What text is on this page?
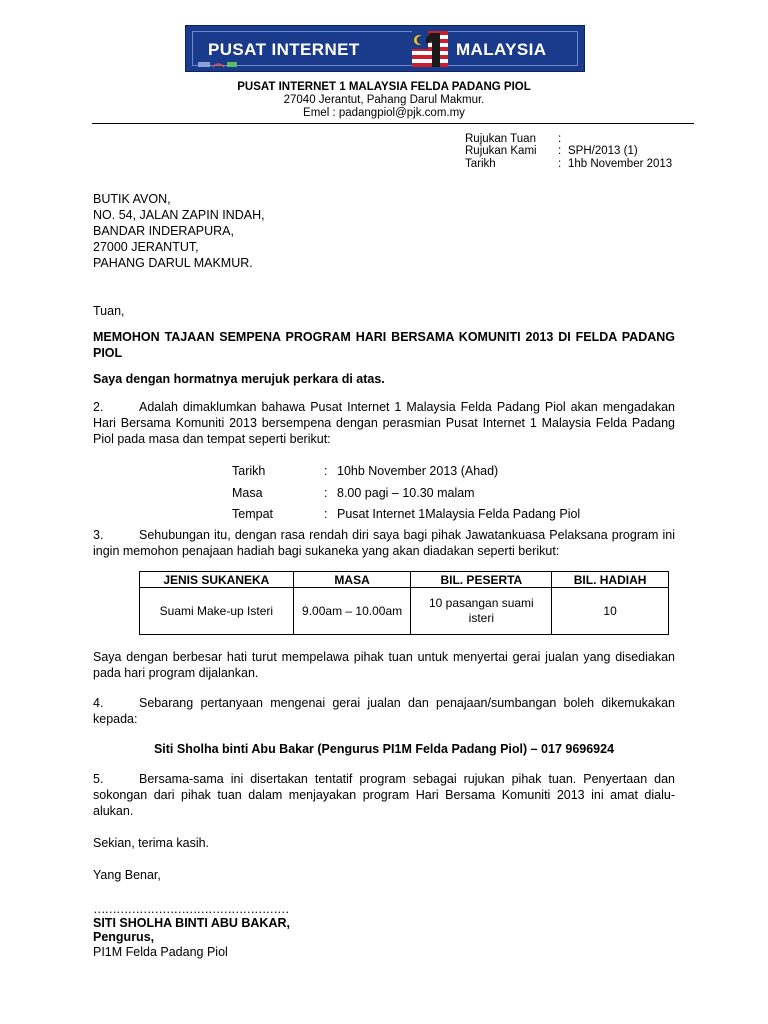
PUSAT INTERNET	MALAYSIA
PUSAT INTERNET 1 MALAYSIA FELDA PADANG PIOL
27040 Jerantut, Pahang Darul Makmur.
Emel : padangpiol@pjk.com.my
Rujukan Tuan :
Rujukan Kami : SPH/2013 (1)
Tarikh	: 1hb November 2013
BUTIK AVON,
NO. 54, JALAN ZAPIN INDAH,
BANDAR INDERAPURA,
27000 JERANTUT,
PAHANG DARUL MAKMUR.
Tuan,
MEMOHON TAJAAN SEMPENA PROGRAM HARI BERSAMA KOMUNITI 2013 DI FELDA PADANG PIOL
Saya dengan hormatnya merujuk perkara di atas.
2.	Adalah dimaklumkan bahawa Pusat Internet 1 Malaysia Felda Padang Piol akan mengadakan Hari Bersama Komuniti 2013 bersempena dengan perasmian Pusat Internet 1 Malaysia Felda Padang Piol pada masa dan tempat seperti berikut:
Tarikh	: 10hb November 2013 (Ahad)
Masa	: 8.00 pagi – 10.30 malam
Tempat	: Pusat Internet 1Malaysia Felda Padang Piol
3.	Sehubungan itu, dengan rasa rendah diri saya bagi pihak Jawatankuasa Pelaksana program ini ingin memohon penajaan hadiah bagi sukaneka yang akan diadakan seperti berikut:
JENIS SUKANEKA	MASA	BIL. PESERTA	BIL. HADIAH
Suami Make-up Isteri	9.00am – 10.00am	10 pasangan suami isteri	10
Saya dengan berbesar hati turut mempelawa pihak tuan untuk menyertai gerai jualan yang disediakan pada hari program dijalankan.
4.	Sebarang pertanyaan mengenai gerai jualan dan penajaan/sumbangan boleh dikemukakan kepada:
Siti Sholha binti Abu Bakar (Pengurus PI1M Felda Padang Piol) – 017 9696924
5.	Bersama-sama ini disertakan tentatif program sebagai rujukan pihak tuan. Penyertaan dan sokongan dari pihak tuan dalam menjayakan program Hari Bersama Komuniti 2013 ini amat dialu-alukan.
Sekian, terima kasih.
Yang Benar,
……………………………………………
SITI SHOLHA BINTI ABU BAKAR,
Pengurus,
PI1M Felda Padang Piol
